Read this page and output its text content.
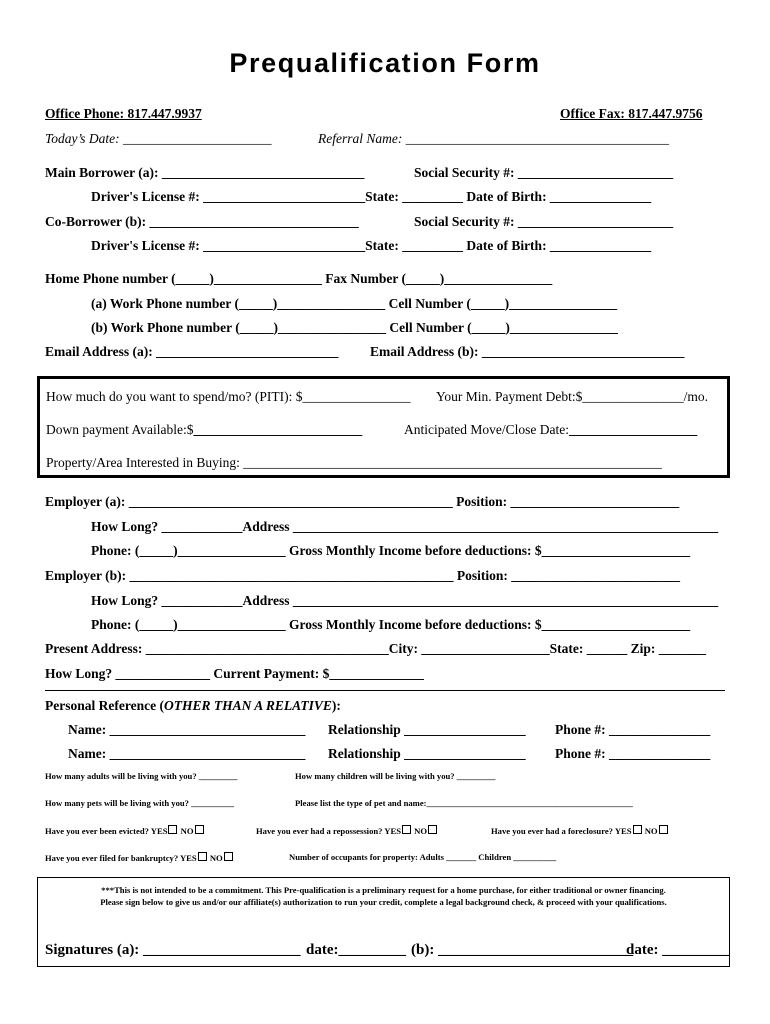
Prequalification Form
Office Phone: 817.447.9937	Office Fax: 817.447.9756
Today’s Date: ______________________	Referral Name: _______________________________________
Main Borrower (a): ______________________________	Social Security #: _______________________
Driver's License #: ________________________State: _________ Date of Birth: _______________
Co-Borrower (b): _______________________________	Social Security #: _______________________
Driver's License #: ________________________State: _________ Date of Birth: _______________
Home Phone number (_____)________________ Fax Number (_____)________________
(a) Work Phone number (_____)________________ Cell Number (_____)________________
(b) Work Phone number (_____)________________ Cell Number (_____)________________
Email Address (a): ___________________________ Email Address (b): ______________________________
How much do you want to spend/mo? (PITI): $________________ Your Min. Payment Debt:$_______________/mo.
Down payment Available:$_________________________	Anticipated Move/Close Date:___________________
Property/Area Interested in Buying: ______________________________________________________________
Employer (a): ________________________________________________ Position: _________________________
How Long? ____________Address _______________________________________________________________
Phone: (_____)________________ Gross Monthly Income before deductions: $______________________
Employer (b): ________________________________________________ Position: _________________________
How Long? ____________Address _______________________________________________________________
Phone: (_____)________________ Gross Monthly Income before deductions: $______________________
Present Address: ____________________________________City: ___________________State: ______ Zip: _______
How Long? ______________ Current Payment: $______________
Personal Reference (OTHER THAN A RELATIVE):
Name: _____________________________ Relationship __________________ Phone #: _______________
Name: _____________________________ Relationship __________________ Phone #: _______________
How many adults will be living with you? _________	How many children will be living with you? _________
How many pets will be living with you? __________	Please list the type of pet and name:________________________________________________
Have you ever been evicted? YES NO	Have you ever had a repossession? YES NO	Have you ever had a foreclosure? YES NO
Have you ever filed for bankruptcy? YES NO	Number of occupants for property: Adults _______ Children __________
***This is not intended to be a commitment. This Pre-qualification is a preliminary request for a home purchase, for either traditional or owner financing.
Please sign below to give us and/or our affiliate(s) authorization to run your credit, complete a legal background check, & proceed with your qualifications.
Signatures (a): _____________________ date:_________ (b): __________________________
date: _________
